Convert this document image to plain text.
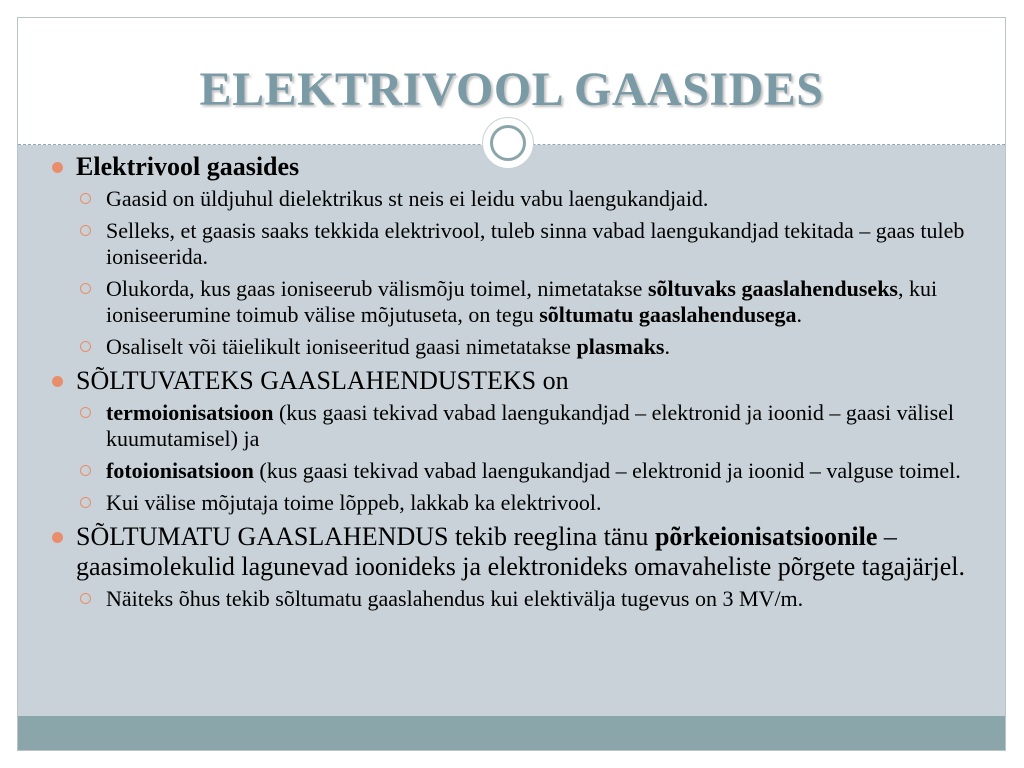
ELEKTRIVOOL GAASIDES
Elektrivool gaasides
Gaasid on üldjuhul dielektrikus st neis ei leidu vabu laengukandjaid.
Selleks, et gaasis saaks tekkida elektrivool, tuleb sinna vabad laengukandjad tekitada – gaas tuleb ioniseerida.
Olukorda, kus gaas ioniseerub välismõju toimel, nimetatakse sõltuvaks gaaslahenduseks, kui ioniseerumine toimub välise mõjutuseta, on tegu sõltumatu gaaslahendusega.
Osaliselt või täielikult ioniseeritud gaasi nimetatakse plasmaks.
SÕLTUVATEKS GAASLAHENDUSTEKS on
termoionisatsioon (kus gaasi tekivad vabad laengukandjad – elektronid ja ioonid – gaasi välisel kuumutamisel) ja
fotoionisatsioon (kus gaasi tekivad vabad laengukandjad – elektronid ja ioonid – valguse toimel.
Kui välise mõjutaja toime lõppeb, lakkab ka elektrivool.
SÕLTUMATU GAASLAHENDUS tekib reeglina tänu põrkeionisatsioonile – gaasimolekulid lagunevad ioonideks ja elektronideks omavaheliste põrgete tagajärjel.
Näiteks õhus tekib sõltumatu gaaslahendus kui elektivälja tugevus on 3 MV/m.
